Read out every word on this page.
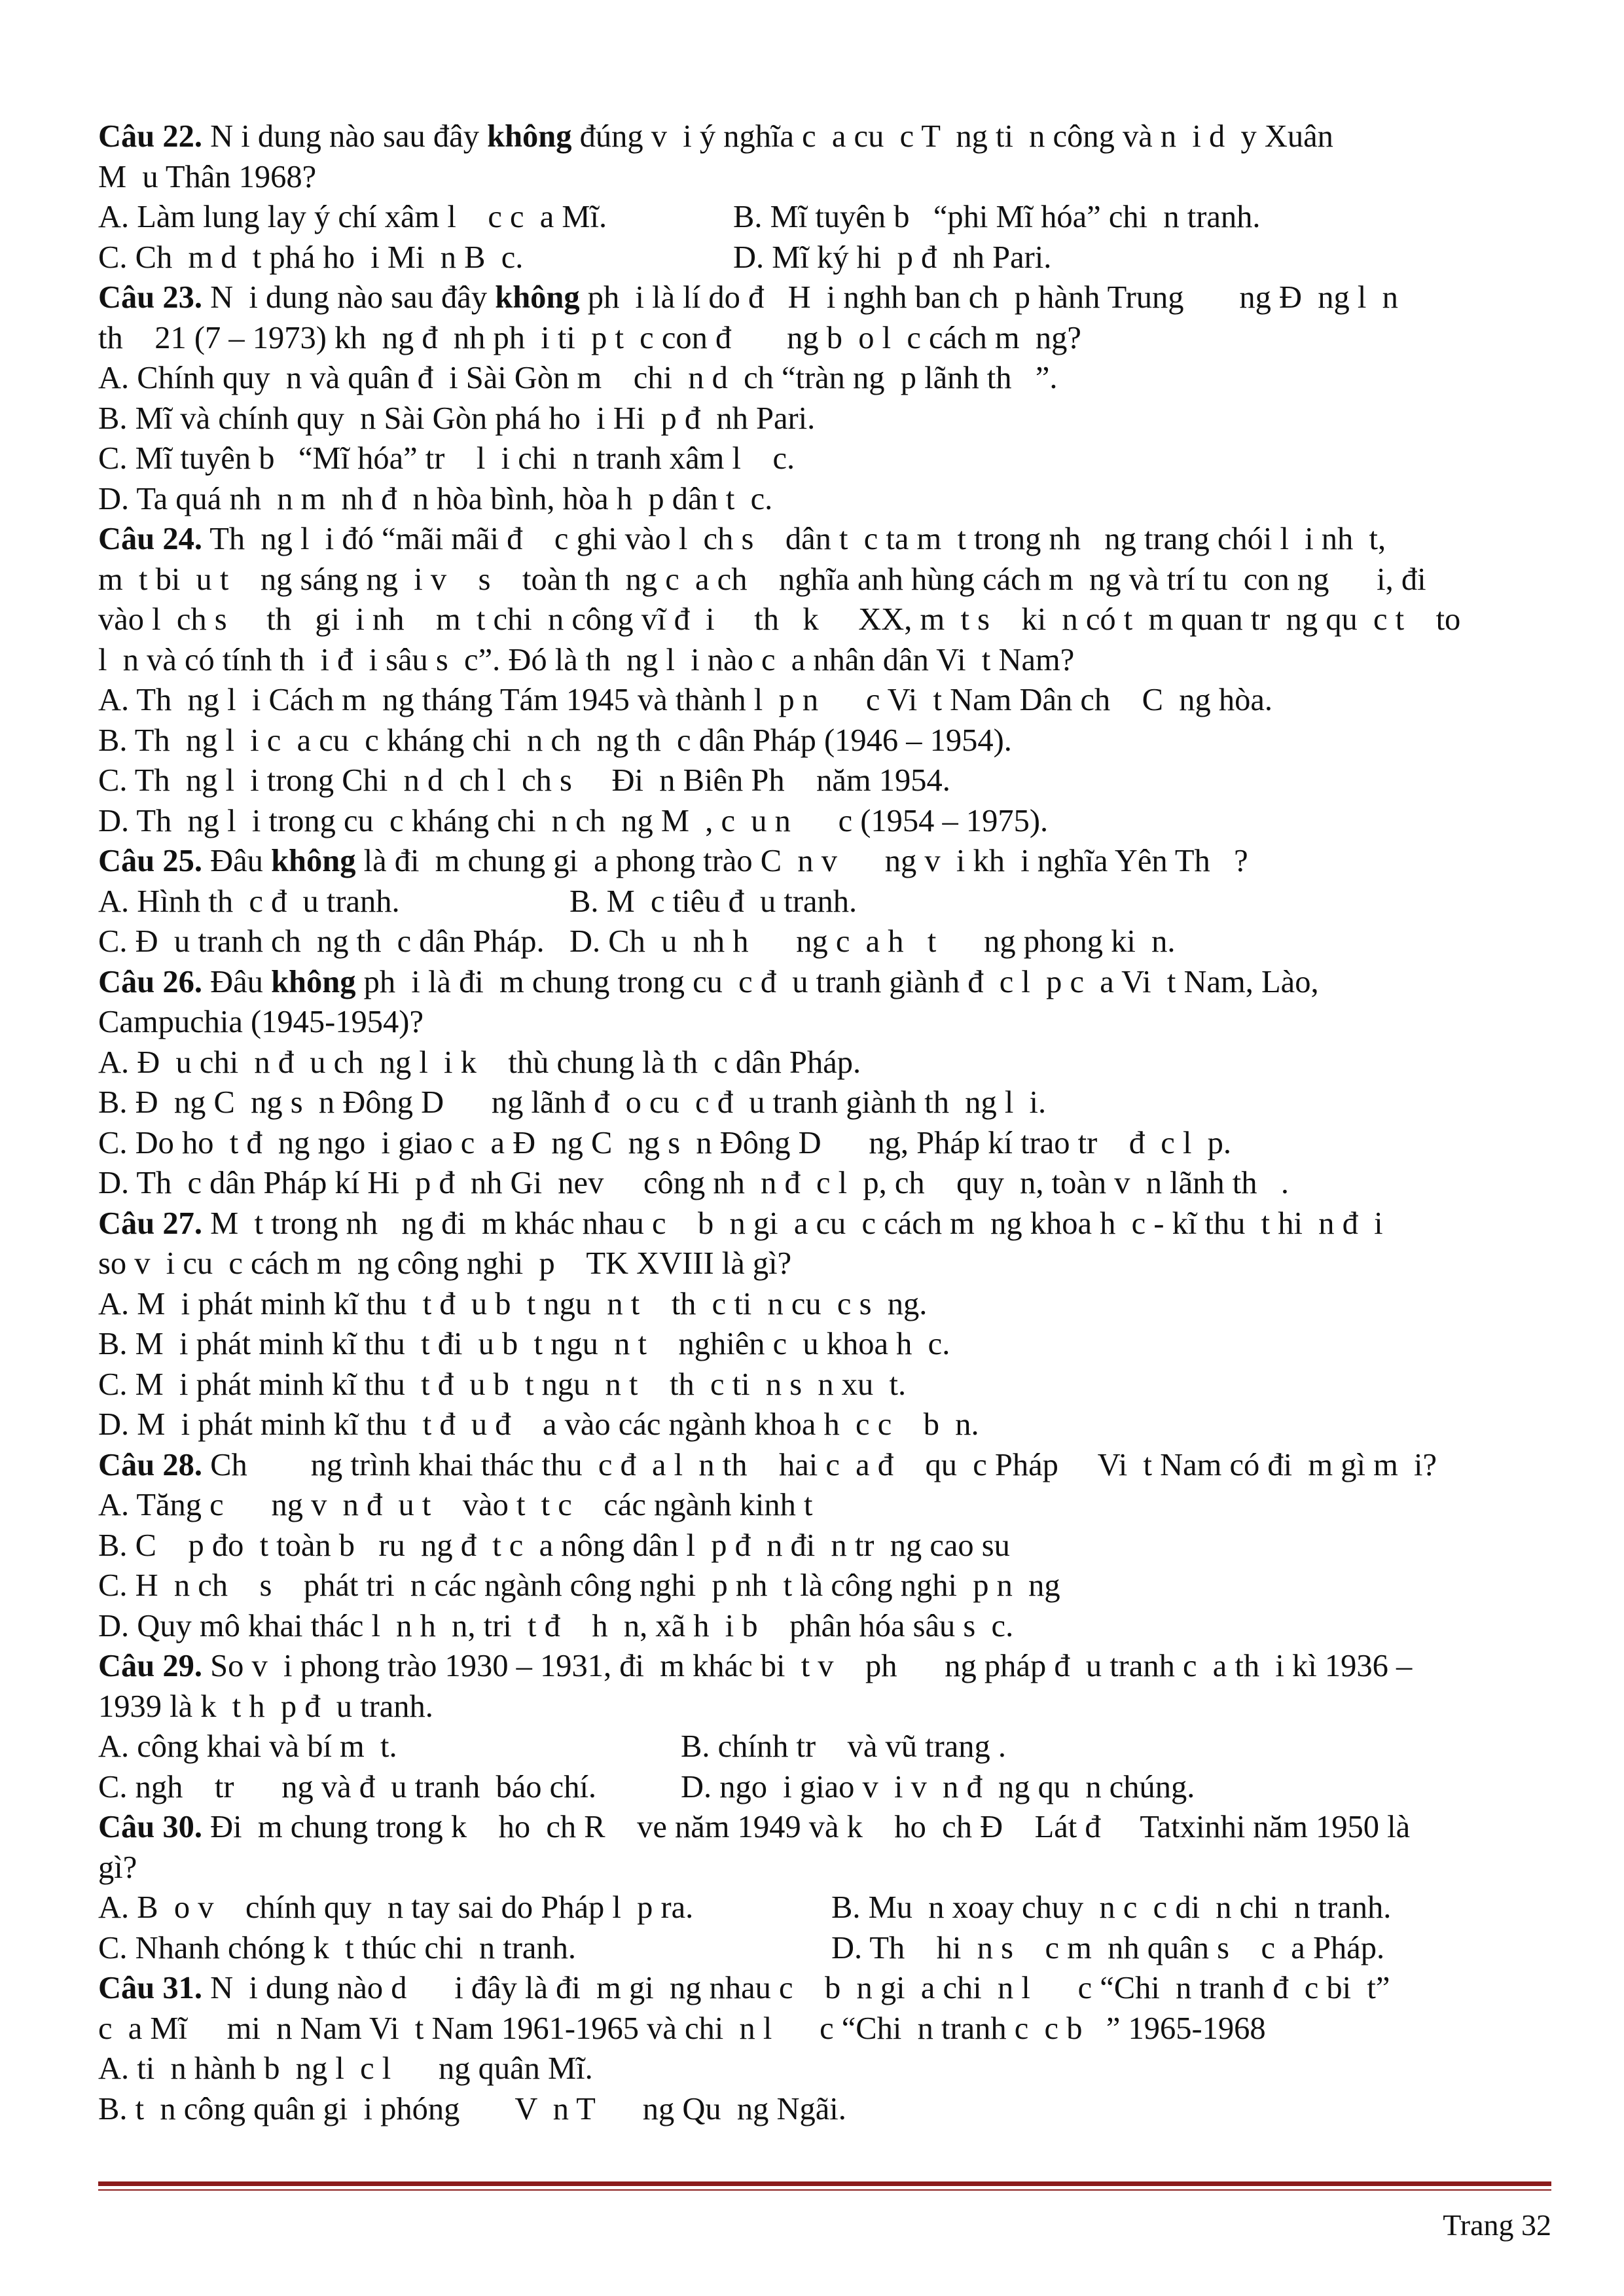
Câu 22. N i dung nào sau đây không đúng v  i ý nghĩa c  a cu  c T  ng ti  n công và n  i d  y Xuân
M  u Thân 1968?
A. Làm lung lay ý chí xâm l    c c  a Mĩ.	B. Mĩ tuyên b   “phi Mĩ hóa” chi  n tranh.
C. Ch  m d  t phá ho  i Mi  n B  c.	D. Mĩ ký hi  p đ  nh Pari.
Câu 23. N  i dung nào sau đây không ph  i là lí do đ   H  i nghh ban ch  p hành Trung       ng Đ  ng l  n
th    21 (7 – 1973) kh  ng đ  nh ph  i ti  p t  c con đ       ng b  o l  c cách m  ng?
A. Chính quy  n và quân đ  i Sài Gòn m    chi  n d  ch “tràn ng  p lãnh th   ”.
B. Mĩ và chính quy  n Sài Gòn phá ho  i Hi  p đ  nh Pari.
C. Mĩ tuyên b   “Mĩ hóa” tr    l  i chi  n tranh xâm l    c.
D. Ta quá nh  n m  nh đ  n hòa bình, hòa h  p dân t  c.
Câu 24. Th  ng l  i đó “mãi mãi đ    c ghi vào l  ch s    dân t  c ta m  t trong nh   ng trang chói l  i nh  t,
m  t bi  u t    ng sáng ng  i v    s    toàn th  ng c  a ch    nghĩa anh hùng cách m  ng và trí tu  con ng      i, đi
vào l  ch s     th   gi  i nh    m  t chi  n công vĩ đ  i     th   k     XX, m  t s    ki  n có t  m quan tr  ng qu  c t    to
l  n và có tính th  i đ  i sâu s  c”. Đó là th  ng l  i nào c  a nhân dân Vi  t Nam?
A. Th  ng l  i Cách m  ng tháng Tám 1945 và thành l  p n      c Vi  t Nam Dân ch    C  ng hòa.
B. Th  ng l  i c  a cu  c kháng chi  n ch  ng th  c dân Pháp (1946 – 1954).
C. Th  ng l  i trong Chi  n d  ch l  ch s     Đi  n Biên Ph    năm 1954.
D. Th  ng l  i trong cu  c kháng chi  n ch  ng M  , c  u n      c (1954 – 1975).
Câu 25. Đâu không là đi  m chung gi  a phong trào C  n v      ng v  i kh  i nghĩa Yên Th   ?
A. Hình th  c đ  u tranh.	B. M  c tiêu đ  u tranh.
C. Đ  u tranh ch  ng th  c dân Pháp. D. Ch  u  nh h      ng c  a h   t      ng phong ki  n.
Câu 26. Đâu không ph  i là đi  m chung trong cu  c đ  u tranh giành đ  c l  p c  a Vi  t Nam, Lào,
Campuchia (1945-1954)?
A. Đ  u chi  n đ  u ch  ng l  i k    thù chung là th  c dân Pháp.
B. Đ  ng C  ng s  n Đông D      ng lãnh đ  o cu  c đ  u tranh giành th  ng l  i.
C. Do ho  t đ  ng ngo  i giao c  a Đ  ng C  ng s  n Đông D      ng, Pháp kí trao tr    đ  c l  p.
D. Th  c dân Pháp kí Hi  p đ  nh Gi  nev     công nh  n đ  c l  p, ch    quy  n, toàn v  n lãnh th   .
Câu 27. M  t trong nh   ng đi  m khác nhau c    b  n gi  a cu  c cách m  ng khoa h  c - kĩ thu  t hi  n đ  i
so v  i cu  c cách m  ng công nghi  p    TK XVIII là gì?
A. M  i phát minh kĩ thu  t đ  u b  t ngu  n t    th  c ti  n cu  c s  ng.
B. M  i phát minh kĩ thu  t đi  u b  t ngu  n t    nghiên c  u khoa h  c.
C. M  i phát minh kĩ thu  t đ  u b  t ngu  n t    th  c ti  n s  n xu  t.
D. M  i phát minh kĩ thu  t đ  u đ    a vào các ngành khoa h  c c    b  n.
Câu 28. Ch        ng trình khai thác thu  c đ  a l  n th    hai c  a đ    qu  c Pháp     Vi  t Nam có đi  m gì m  i?
A. Tăng c      ng v  n đ  u t    vào t  t c    các ngành kinh t
B. C    p đo  t toàn b   ru  ng đ  t c  a nông dân l  p đ  n đi  n tr  ng cao su
C. H  n ch    s    phát tri  n các ngành công nghi  p nh  t là công nghi  p n  ng
D. Quy mô khai thác l  n h  n, tri  t đ    h  n, xã h  i b    phân hóa sâu s  c.
Câu 29. So v  i phong trào 1930 – 1931, đi  m khác bi  t v    ph      ng pháp đ  u tranh c  a th  i kì 1936 –
1939 là k  t h  p đ  u tranh.
A. công khai và bí m  t.	B. chính tr    và vũ trang .
C. ngh    tr      ng và đ  u tranh  báo chí.	D. ngo  i giao v  i v  n đ  ng qu  n chúng.
Câu 30. Đi  m chung trong k    ho  ch R    ve năm 1949 và k    ho  ch Đ    Lát đ     Tatxinhi năm 1950 là
gì?
A. B  o v    chính quy  n tay sai do Pháp l  p ra.	B. Mu  n xoay chuy  n c  c di  n chi  n tranh.
C. Nhanh chóng k  t thúc chi  n tranh.	D. Th    hi  n s    c m  nh quân s    c  a Pháp.
Câu 31. N  i dung nào d      i đây là đi  m gi  ng nhau c    b  n gi  a chi  n l      c “Chi  n tranh đ  c bi  t”
c  a Mĩ     mi  n Nam Vi  t Nam 1961-1965 và chi  n l      c “Chi  n tranh c  c b   ” 1965-1968
A. ti  n hành b  ng l  c l      ng quân Mĩ.
B. t  n công quân gi  i phóng       V  n T      ng Qu  ng Ngãi.
Trang 32
